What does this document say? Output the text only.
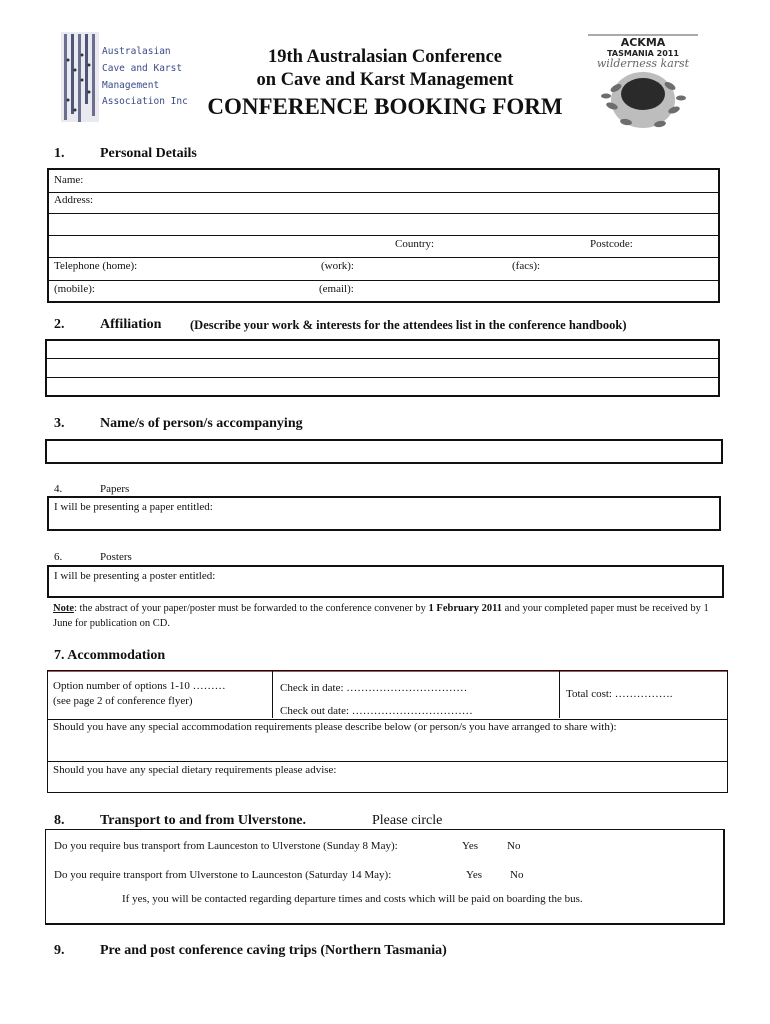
Australasian
Cave and Karst
Management
Association Inc.
ACKMA
TASMANIA 2011
wilderness karst
19th Australasian Conference
on Cave and Karst Management
CONFERENCE BOOKING FORM
1.	Personal Details
Name:
Address:
Country:	Postcode:
Telephone (home):	(work):	(facs):
(mobile):	(email):
2.	Affiliation (Describe your work & interests for the attendees list in the conference handbook)
3.	Name/s of person/s accompanying
4.	Papers
I will be presenting a paper entitled:
6.	Posters
I will be presenting a poster entitled:
Note: the abstract of your paper/poster must be forwarded to the conference convener by 1 February 2011 and your completed paper must be received by 1 June for publication on CD.
7. Accommodation
Option number of options 1-10 ………
(see page 2 of conference flyer)
Check in date: ……………………………
Check out date: ……………………………
Total cost: …………….
Should you have any special accommodation requirements please describe below (or person/s you have arranged to share with):
Should you have any special dietary requirements please advise:
8.	Transport to and from Ulverstone.	Please circle
Do you require bus transport from Launceston to Ulverstone (Sunday 8 May):	Yes	No
Do you require transport from Ulverstone to Launceston (Saturday 14 May):	Yes	No
If yes, you will be contacted regarding departure times and costs which will be paid on boarding the bus.
9.	Pre and post conference caving trips (Northern Tasmania)
